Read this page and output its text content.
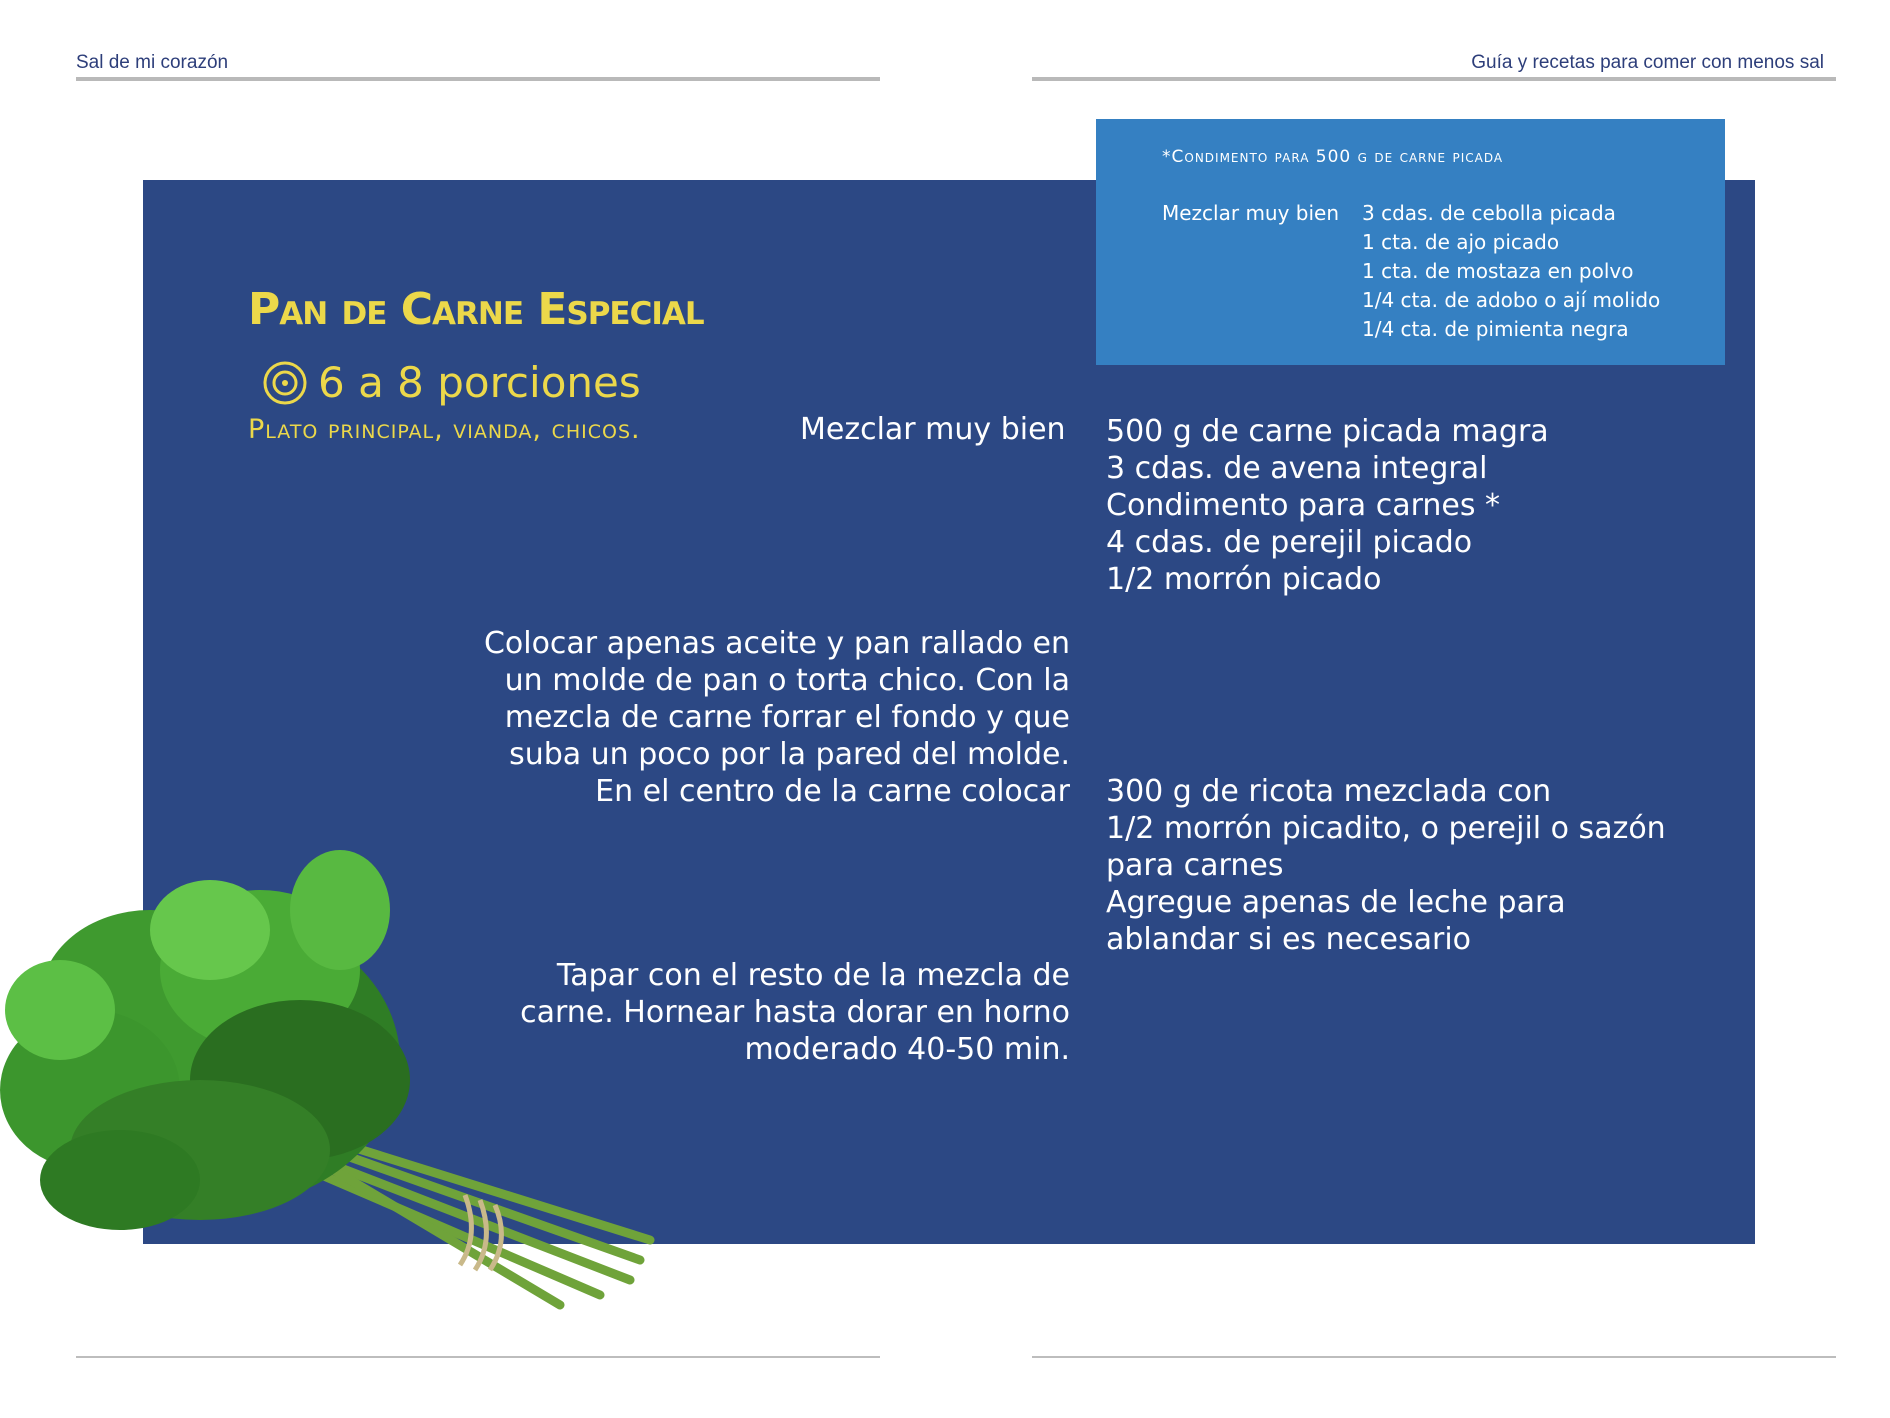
Sal de mi corazón	Guía y recetas para comer con menos sal
*Condimento para 500 g de carne picada
Mezclar muy bien 3 cdas. de cebolla picada
1 cta. de ajo picado
1 cta. de mostaza en polvo
1/4 cta. de adobo o ají molido
1/4 cta. de pimienta negra
Pan de Carne Especial
6 a 8 porciones
Plato principal, vianda, chicos.	Mezclar muy bien 500 g de carne picada magra
3 cdas. de avena integral
Condimento para carnes *
4 cdas. de perejil picado
1/2 morrón picado
Colocar apenas aceite y pan rallado en
un molde de pan o torta chico. Con la
mezcla de carne forrar el fondo y que
suba un poco por la pared del molde.
En el centro de la carne colocar 300 g de ricota mezclada con
1/2 morrón picadito, o perejil o sazón
para carnes
Agregue apenas de leche para
ablandar si es necesario
Tapar con el resto de la mezcla de
carne. Hornear hasta dorar en horno
moderado 40-50 min.
